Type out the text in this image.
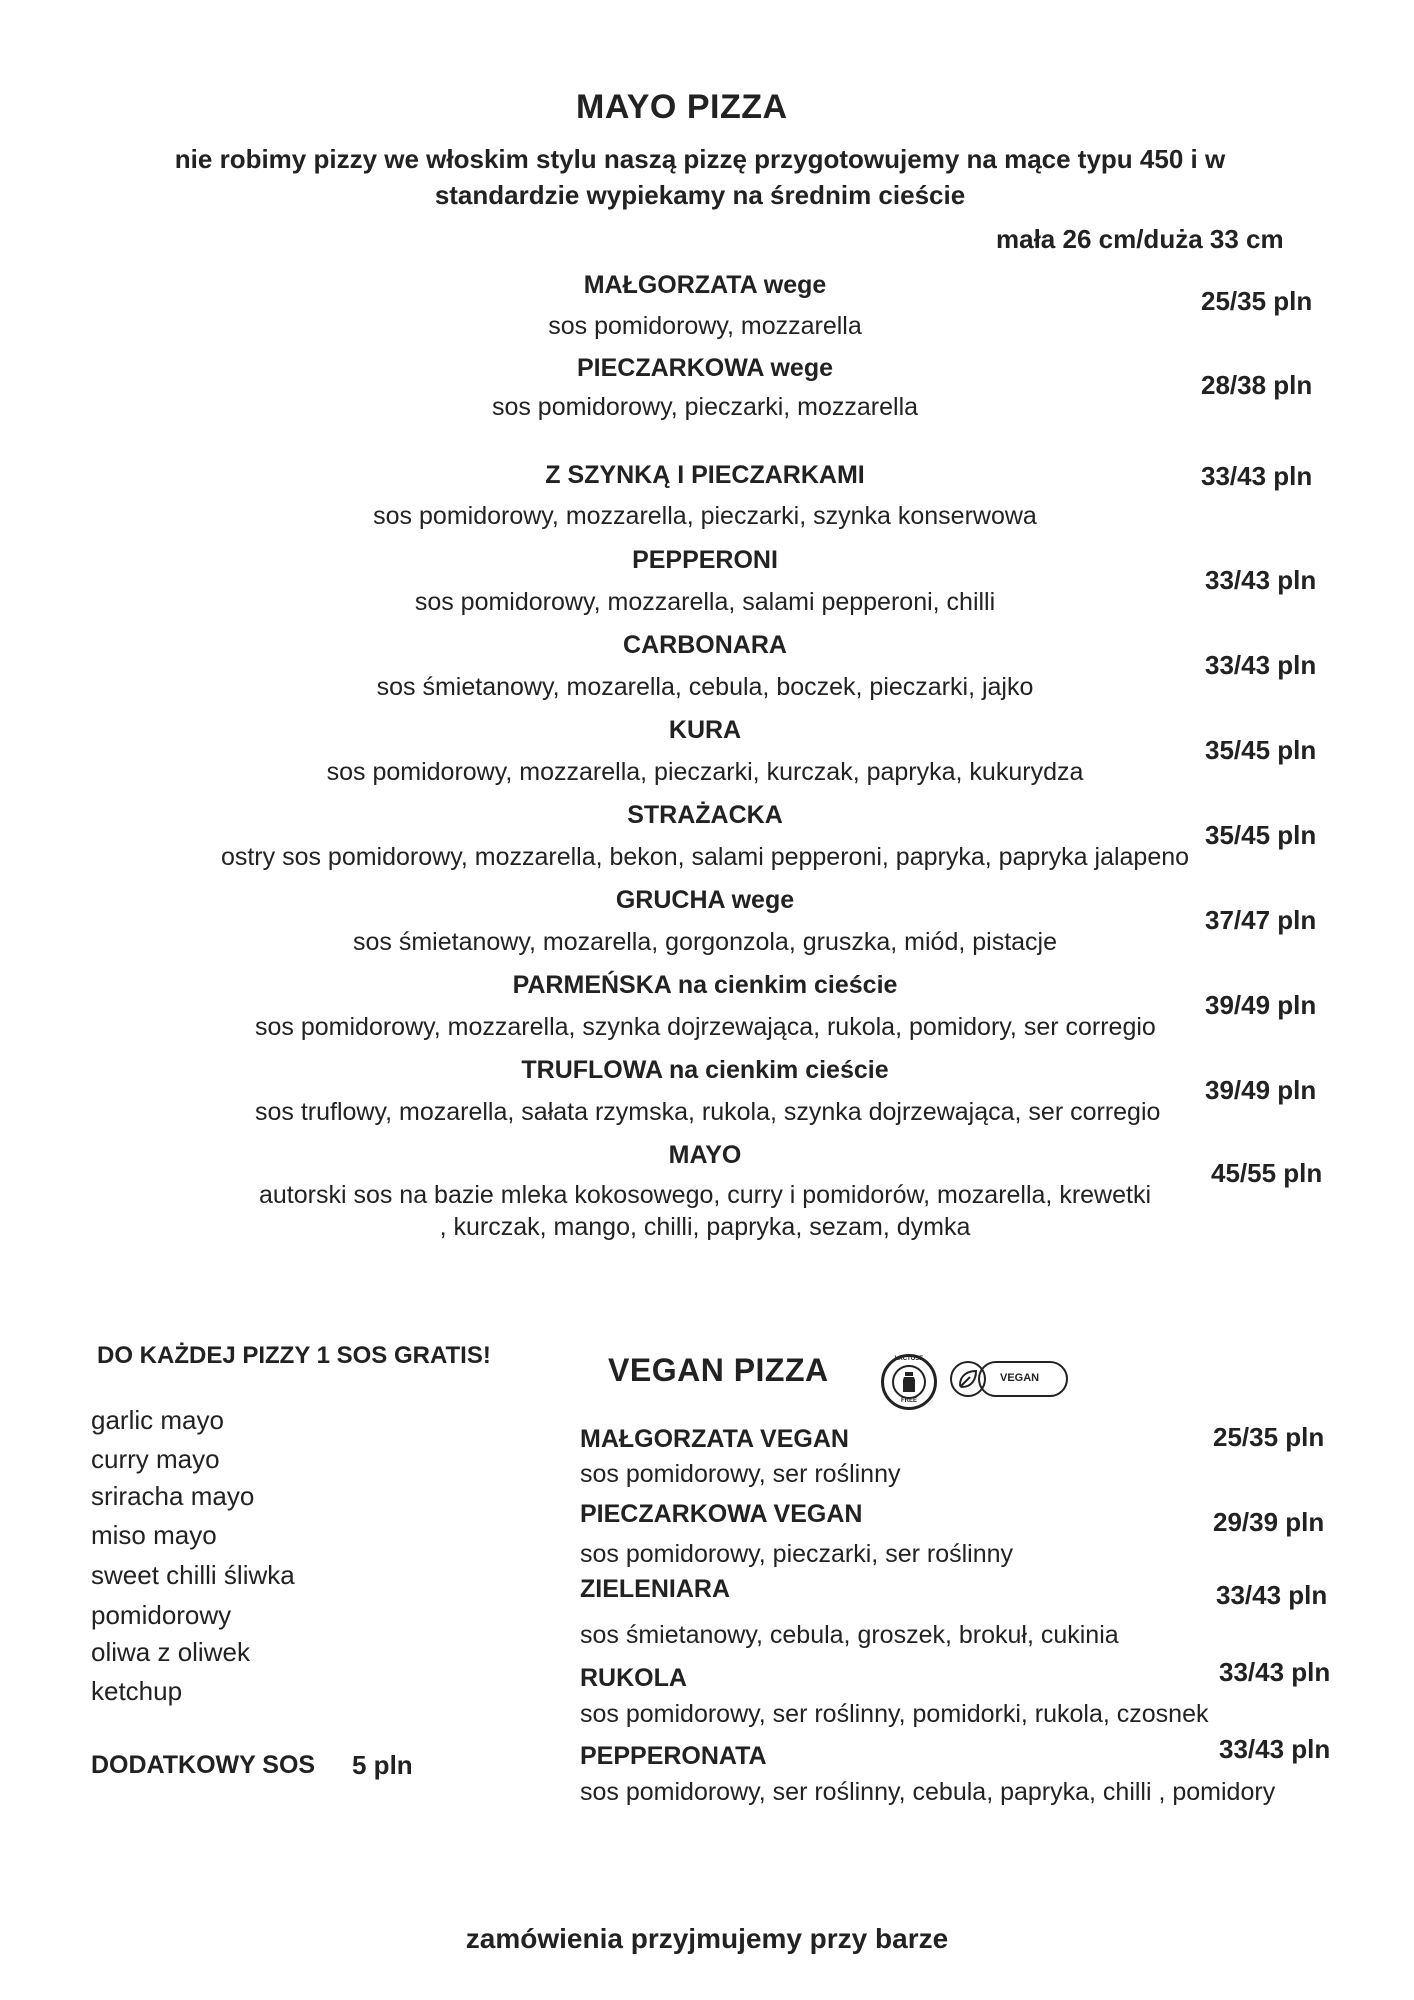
MAYO PIZZA
nie robimy pizzy we włoskim stylu naszą pizzę przygotowujemy na mące typu 450 i w
standardzie wypiekamy na średnim cieście
mała 26 cm/duża 33 cm
MAŁGORZATA wege
sos pomidorowy, mozzarella
25/35 pln
PIECZARKOWA wege
sos pomidorowy, pieczarki, mozzarella
28/38 pln
Z SZYNKĄ I PIECZARKAMI
sos pomidorowy, mozzarella, pieczarki, szynka konserwowa
33/43 pln
PEPPERONI
sos pomidorowy, mozzarella, salami pepperoni, chilli
33/43 pln
CARBONARA
sos śmietanowy, mozarella, cebula, boczek, pieczarki, jajko
33/43 pln
KURA
sos pomidorowy, mozzarella, pieczarki, kurczak, papryka, kukurydza
35/45 pln
STRAŻACKA
ostry sos pomidorowy, mozzarella, bekon, salami pepperoni, papryka, papryka jalapeno
35/45 pln
GRUCHA wege
sos śmietanowy, mozarella, gorgonzola, gruszka, miód, pistacje
37/47 pln
PARMEŃSKA na cienkim cieście
sos pomidorowy, mozzarella, szynka dojrzewająca, rukola, pomidory, ser corregio
39/49 pln
TRUFLOWA na cienkim cieście
sos truflowy, mozarella, sałata rzymska, rukola, szynka dojrzewająca, ser corregio
39/49 pln
MAYO
autorski sos na bazie mleka kokosowego, curry i pomidorów, mozarella, krewetki
, kurczak, mango, chilli, papryka, sezam, dymka
45/55 pln
DO KAŻDEJ PIZZY 1 SOS GRATIS!
garlic mayo
curry mayo
sriracha mayo
miso mayo
sweet chilli śliwka
pomidorowy
oliwa z oliwek
ketchup
DODATKOWY SOS 5 pln
VEGAN PIZZA	LACTOSE
FREE
VEGAN
MAŁGORZATA VEGAN
sos pomidorowy, ser roślinny
25/35 pln
PIECZARKOWA VEGAN
sos pomidorowy, pieczarki, ser roślinny
29/39 pln
ZIELENIARA
sos śmietanowy, cebula, groszek, brokuł, cukinia
33/43 pln
RUKOLA
sos pomidorowy, ser roślinny, pomidorki, rukola, czosnek
33/43 pln
PEPPERONATA
sos pomidorowy, ser roślinny, cebula, papryka, chilli , pomidory
33/43 pln
zamówienia przyjmujemy przy barze
